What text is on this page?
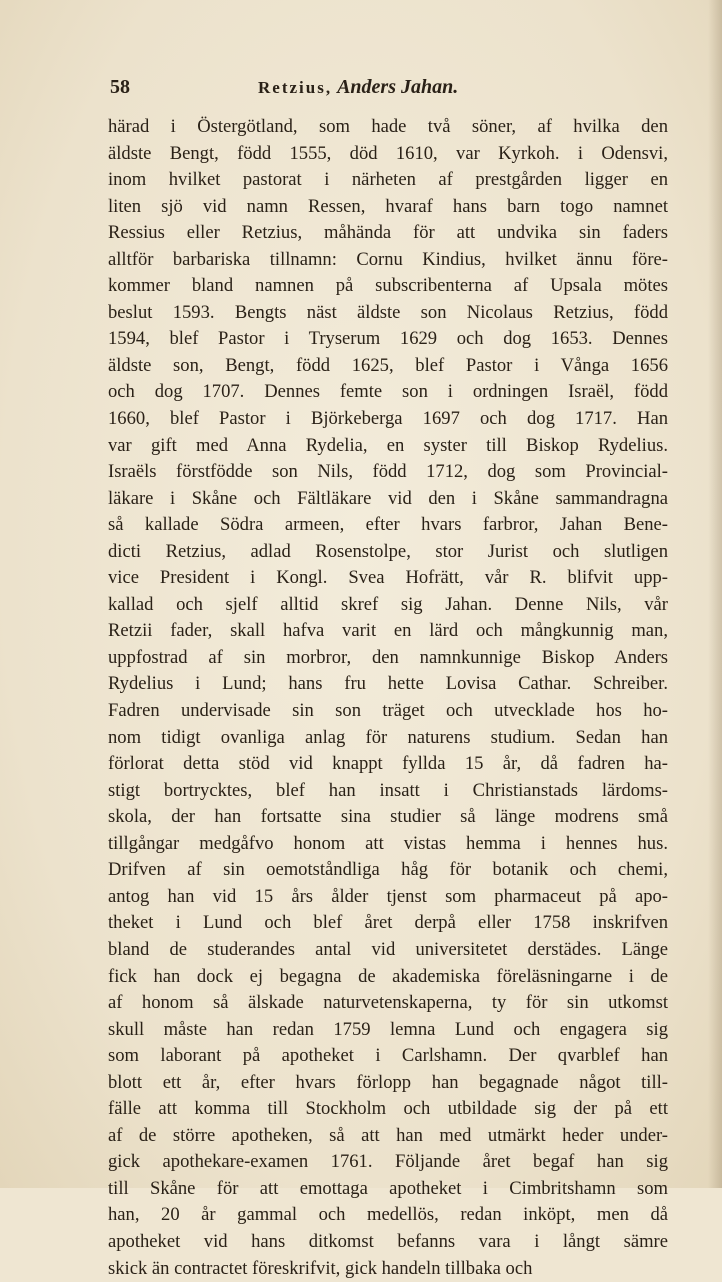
58	Retzius, Anders Jahan.
härad i Östergötland, som hade två söner, af hvilka den
äldste Bengt, född 1555, död 1610, var Kyrkoh. i Odensvi,
inom hvilket pastorat i närheten af prestgården ligger en
liten sjö vid namn Ressen, hvaraf hans barn togo namnet
Ressius eller Retzius, måhända för att undvika sin faders
alltför barbariska tillnamn: Cornu Kindius, hvilket ännu före-
kommer bland namnen på subscribenterna af Upsala mötes
beslut 1593. Bengts näst äldste son Nicolaus Retzius, född
1594, blef Pastor i Tryserum 1629 och dog 1653. Dennes
äldste son, Bengt, född 1625, blef Pastor i Vånga 1656
och dog 1707. Dennes femte son i ordningen Israël, född
1660, blef Pastor i Björkeberga 1697 och dog 1717. Han
var gift med Anna Rydelia, en syster till Biskop Rydelius.
Israëls förstfödde son Nils, född 1712, dog som Provincial-
läkare i Skåne och Fältläkare vid den i Skåne sammandragna
så kallade Södra armeen, efter hvars farbror, Jahan Bene-
dicti Retzius, adlad Rosenstolpe, stor Jurist och slutligen
vice President i Kongl. Svea Hofrätt, vår R. blifvit upp-
kallad och sjelf alltid skref sig Jahan. Denne Nils, vår
Retzii fader, skall hafva varit en lärd och mångkunnig man,
uppfostrad af sin morbror, den namnkunnige Biskop Anders
Rydelius i Lund; hans fru hette Lovisa Cathar. Schreiber.
Fadren undervisade sin son träget och utvecklade hos ho-
nom tidigt ovanliga anlag för naturens studium. Sedan han
förlorat detta stöd vid knappt fyllda 15 år, då fadren ha-
stigt bortrycktes, blef han insatt i Christianstads lärdoms-
skola, der han fortsatte sina studier så länge modrens små
tillgångar medgåfvo honom att vistas hemma i hennes hus.
Drifven af sin oemotståndliga håg för botanik och chemi,
antog han vid 15 års ålder tjenst som pharmaceut på apo-
theket i Lund och blef året derpå eller 1758 inskrifven
bland de studerandes antal vid universitetet derstädes. Länge
fick han dock ej begagna de akademiska föreläsningarne i de
af honom så älskade naturvetenskaperna, ty för sin utkomst
skull måste han redan 1759 lemna Lund och engagera sig
som laborant på apotheket i Carlshamn. Der qvarblef han
blott ett år, efter hvars förlopp han begagnade något till-
fälle att komma till Stockholm och utbildade sig der på ett
af de större apotheken, så att han med utmärkt heder under-
gick apothekare-examen 1761. Följande året begaf han sig
till Skåne för att emottaga apotheket i Cimbritshamn som
han, 20 år gammal och medellös, redan inköpt, men då
apotheket vid hans ditkomst befanns vara i långt sämre
skick än contractet föreskrifvit, gick handeln tillbaka och
